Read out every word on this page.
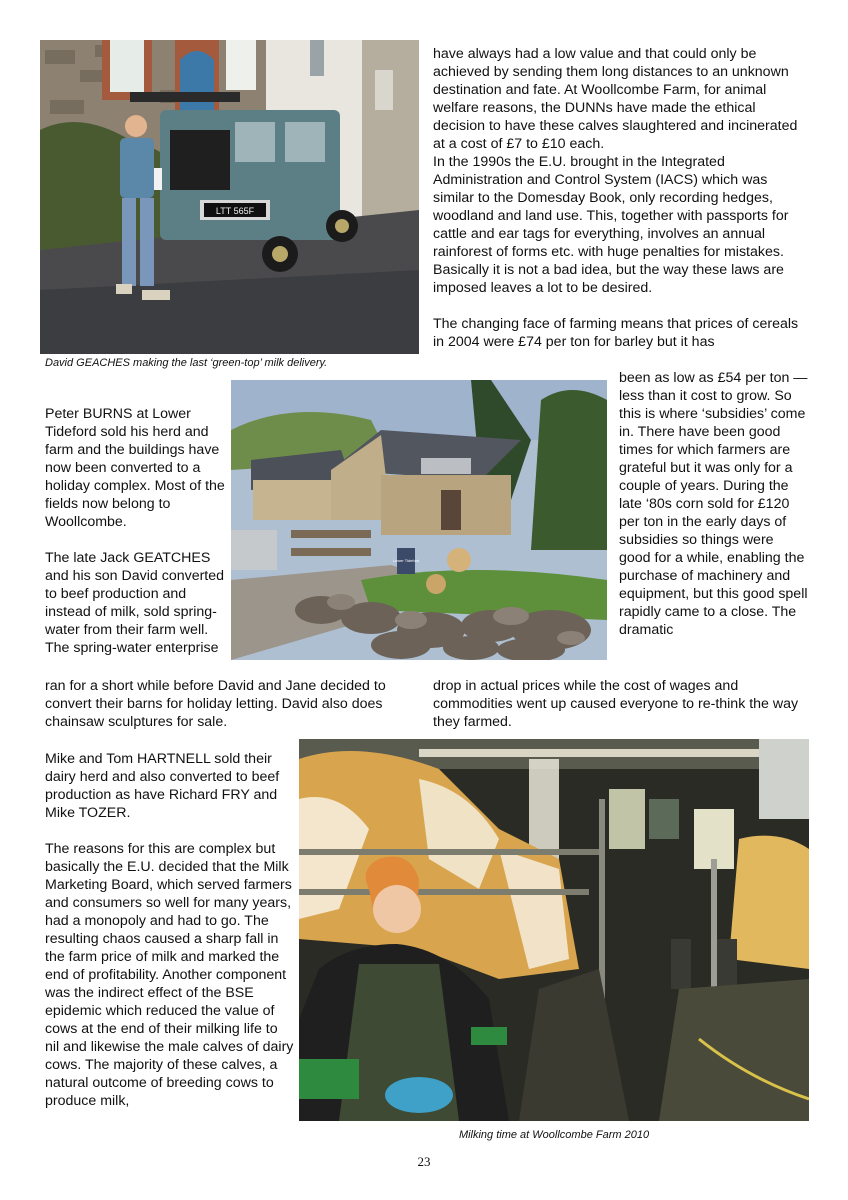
LTT 565F
David GEACHES making the last ‘green-top’ milk delivery.

have always had a low value and that could only be achieved by sending them long distances to an unknown destination and fate. At Woollcombe Farm, for animal welfare reasons, the DUNNs have made the ethical decision to have these calves slaughtered and incinerated at a cost of £7 to £10 each.

In the 1990s the E.U. brought in the Integrated Administration and Control System (IACS) which was similar to the Domesday Book, only recording hedges, woodland and land use. This, together with passports for cattle and ear tags for everything, involves an annual rainforest of forms etc. with huge penalties for mistakes. Basically it is not a bad idea, but the way these laws are imposed leaves a lot to be desired.

The changing face of farming means that prices of cereals in 2004 were £74 per ton for barley but it has

Lower Tideford

Peter BURNS at Lower Tideford sold his herd and farm and the buildings have now been converted to a holiday complex. Most of the fields now belong to Woollcombe.

The late Jack GEATCHES and his son David converted to beef production and instead of milk, sold spring-water from their farm well. The spring-water enterprise

been as low as £54 per ton — less than it cost to grow. So this is where ‘subsidies’ come in. There have been good times for which farmers are grateful but it was only for a couple of years. During the late ‘80s corn sold for £120 per ton in the early days of subsidies so things were good for a while, enabling the purchase of machinery and equipment, but this good spell rapidly came to a close. The dramatic
ran for a short while before David and Jane decided to convert their barns for holiday letting. David also does chainsaw sculptures for sale.
drop in actual prices while the cost of wages and commodities went up caused everyone to re-think the way they farmed.

Mike and Tom HARTNELL sold their dairy herd and also converted to beef production as have Richard FRY and Mike TOZER.

The reasons for this are complex but basically the E.U. decided that the Milk Marketing Board, which served farmers and consumers so well for many years, had a monopoly and had to go. The resulting chaos caused a sharp fall in the farm price of milk and marked the end of profitability. Another component was the indirect effect of the BSE epidemic which reduced the value of cows at the end of their milking life to nil and likewise the male calves of dairy cows. The majority of these calves, a natural outcome of breeding cows to produce milk,

Milking time at Woollcombe Farm 2010
23
